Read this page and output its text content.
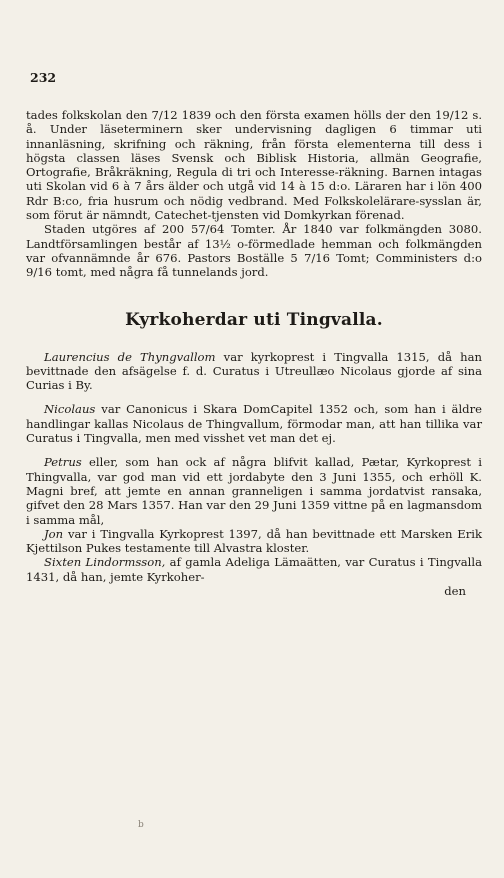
232

tades folkskolan den 7/12 1839 och den första examen hölls der den 19/12 s. å. Under läseterminern sker undervisning dagligen 6 timmar uti innanläsning, skrifning och räkning, från första elementerna till dess i högsta classen läses Svensk och Biblisk Historia, allmän Geografie, Ortografie, Bråkräkning, Regula di tri och Interesse-räkning. Barnen intagas uti Skolan vid 6 à 7 års älder och utgå vid 14 à 15 d:o. Läraren har i lön 400 Rdr B:co, fria husrum och nödig vedbrand. Med Folkskolelärare-sysslan är, som förut är nämndt, Catechet-tjensten vid Domkyrkan förenad.

Staden utgöres af 200 57/64 Tomter. År 1840 var folkmängden 3080. Landtförsamlingen består af 13½ o-förmedlade hemman och folkmängden var ofvannämnde år 676. Pastors Boställe 5 7/16 Tomt; Comministers d:o 9/16 tomt, med några få tunnelands jord.

Kyrkoherdar uti Tingvalla.

Laurencius de Thyngvallom var kyrkoprest i Tingvalla 1315, då han bevittnade den afsägelse f. d. Curatus i Utreullæo Nicolaus gjorde af sina Curias i By.

Nicolaus var Canonicus i Skara DomCapitel 1352 och, som han i äldre handlingar kallas Nicolaus de Thingvallum, förmodar man, att han tillika var Curatus i Tingvalla, men med visshet vet man det ej.

Petrus eller, som han ock af några blifvit kallad, Pætar, Kyrkoprest i Thingvalla, var god man vid ett jordabyte den 3 Juni 1355, och erhöll K. Magni bref, att jemte en annan granneligen i samma jordatvist ransaka, gifvet den 28 Mars 1357. Han var den 29 Juni 1359 vittne på en lagmansdom i samma mål,

Jon var i Tingvalla Kyrkoprest 1397, då han bevittnade ett Marsken Erik Kjettilson Pukes testamente till Alvastra kloster.

Sixten Lindormsson, af gamla Adeliga Lämaätten, var Curatus i Tingvalla 1431, då han, jemte Kyrkoher-

den

b
